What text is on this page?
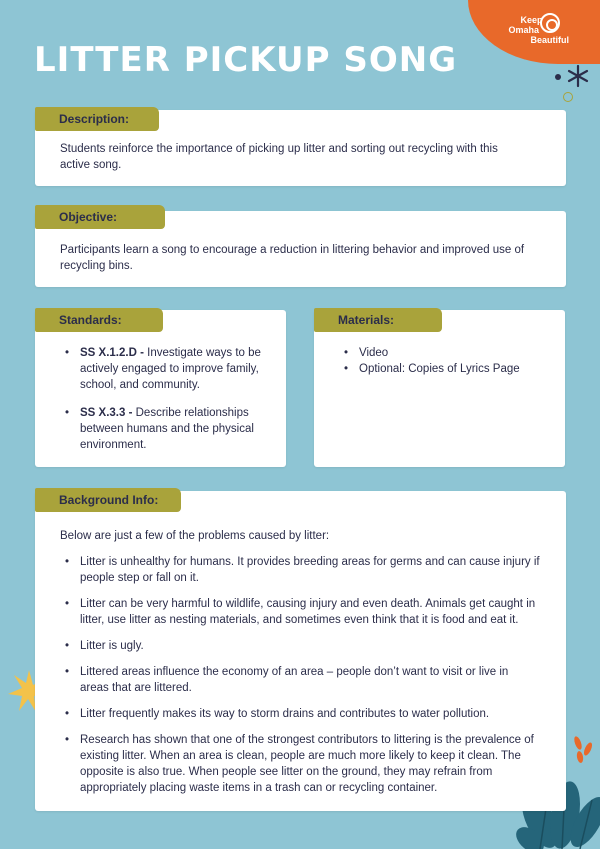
Keep
Omaha
Beautiful
LITTER PICKUP SONG
Students reinforce the importance of picking up litter and sorting out recycling with this active song.
Description:
Participants learn a song to encourage a reduction in littering behavior and improved use of recycling bins.
Objective:
• SS X.1.2.D - Investigate ways to be actively engaged to improve family, school, and community.
• SS X.3.3 - Describe relationships between humans and the physical environment.
Standards:
• Video
• Optional: Copies of Lyrics Page
Materials:
Below are just a few of the problems caused by litter:
• Litter is unhealthy for humans. It provides breeding areas for germs and can cause injury if people step or fall on it.
• Litter can be very harmful to wildlife, causing injury and even death. Animals get caught in litter, use litter as nesting materials, and sometimes even think that it is food and eat it.
• Litter is ugly.
• Littered areas influence the economy of an area – people don’t want to visit or live in areas that are littered.
• Litter frequently makes its way to storm drains and contributes to water pollution.
• Research has shown that one of the strongest contributors to littering is the prevalence of existing litter. When an area is clean, people are much more likely to keep it clean. The opposite is also true. When people see litter on the ground, they may refrain from appropriately placing waste items in a trash can or recycling container.
Background Info:
